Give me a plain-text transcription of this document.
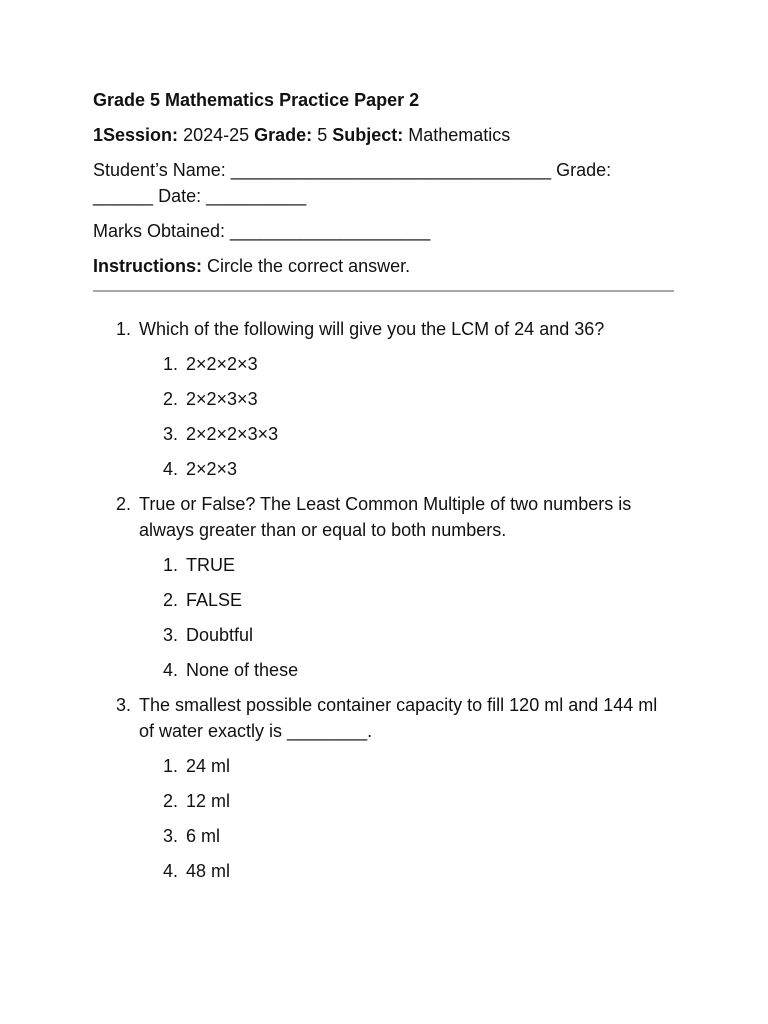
Grade 5 Mathematics Practice Paper 2
1Session: 2024-25 Grade: 5 Subject: Mathematics
Student’s Name: ________________________________ Grade: ______ Date: __________
Marks Obtained: ____________________
Instructions: Circle the correct answer.
1. Which of the following will give you the LCM of 24 and 36?
1. 2×2×2×3
2. 2×2×3×3
3. 2×2×2×3×3
4. 2×2×3
2. True or False? The Least Common Multiple of two numbers is always greater than or equal to both numbers.
1. TRUE
2. FALSE
3. Doubtful
4. None of these
3. The smallest possible container capacity to fill 120 ml and 144 ml of water exactly is ________.
1. 24 ml
2. 12 ml
3. 6 ml
4. 48 ml
